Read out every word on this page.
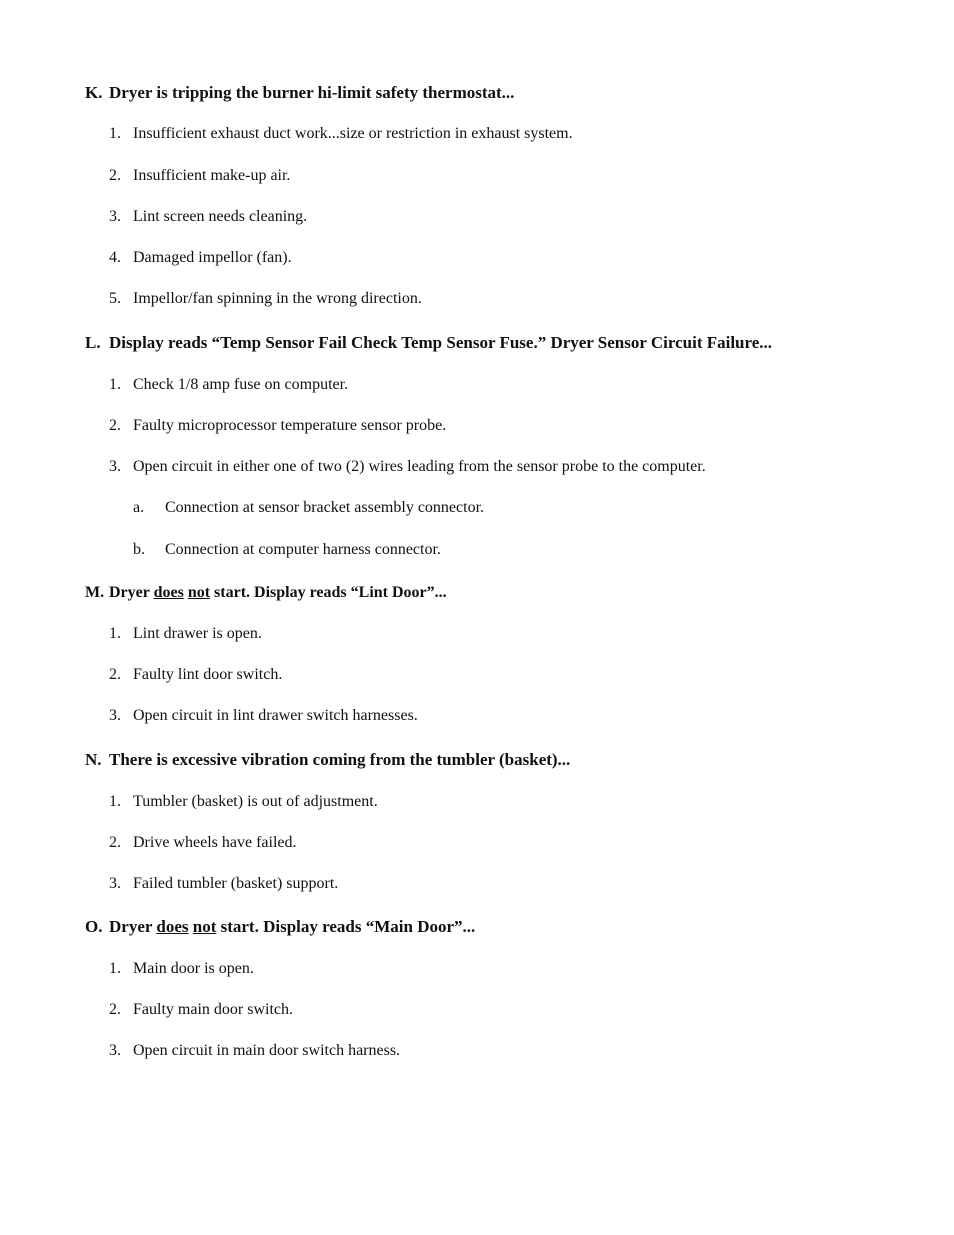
K. Dryer is tripping the burner hi-limit safety thermostat...
1. Insufficient exhaust duct work...size or restriction in exhaust system.
2. Insufficient make-up air.
3. Lint screen needs cleaning.
4. Damaged impellor (fan).
5. Impellor/fan spinning in the wrong direction.
L. Display reads “Temp Sensor Fail Check Temp Sensor Fuse.” Dryer Sensor Circuit Failure...
1. Check 1/8 amp fuse on computer.
2. Faulty microprocessor temperature sensor probe.
3. Open circuit in either one of two (2) wires leading from the sensor probe to the computer.
a.	Connection at sensor bracket assembly connector.
b.	Connection at computer harness connector.
M. Dryer does not start. Display reads “Lint Door”...
1. Lint drawer is open.
2. Faulty lint door switch.
3. Open circuit in lint drawer switch harnesses.
N. There is excessive vibration coming from the tumbler (basket)...
1. Tumbler (basket) is out of adjustment.
2. Drive wheels have failed.
3. Failed tumbler (basket) support.
O. Dryer does not start. Display reads “Main Door”...
1. Main door is open.
2. Faulty main door switch.
3. Open circuit in main door switch harness.
